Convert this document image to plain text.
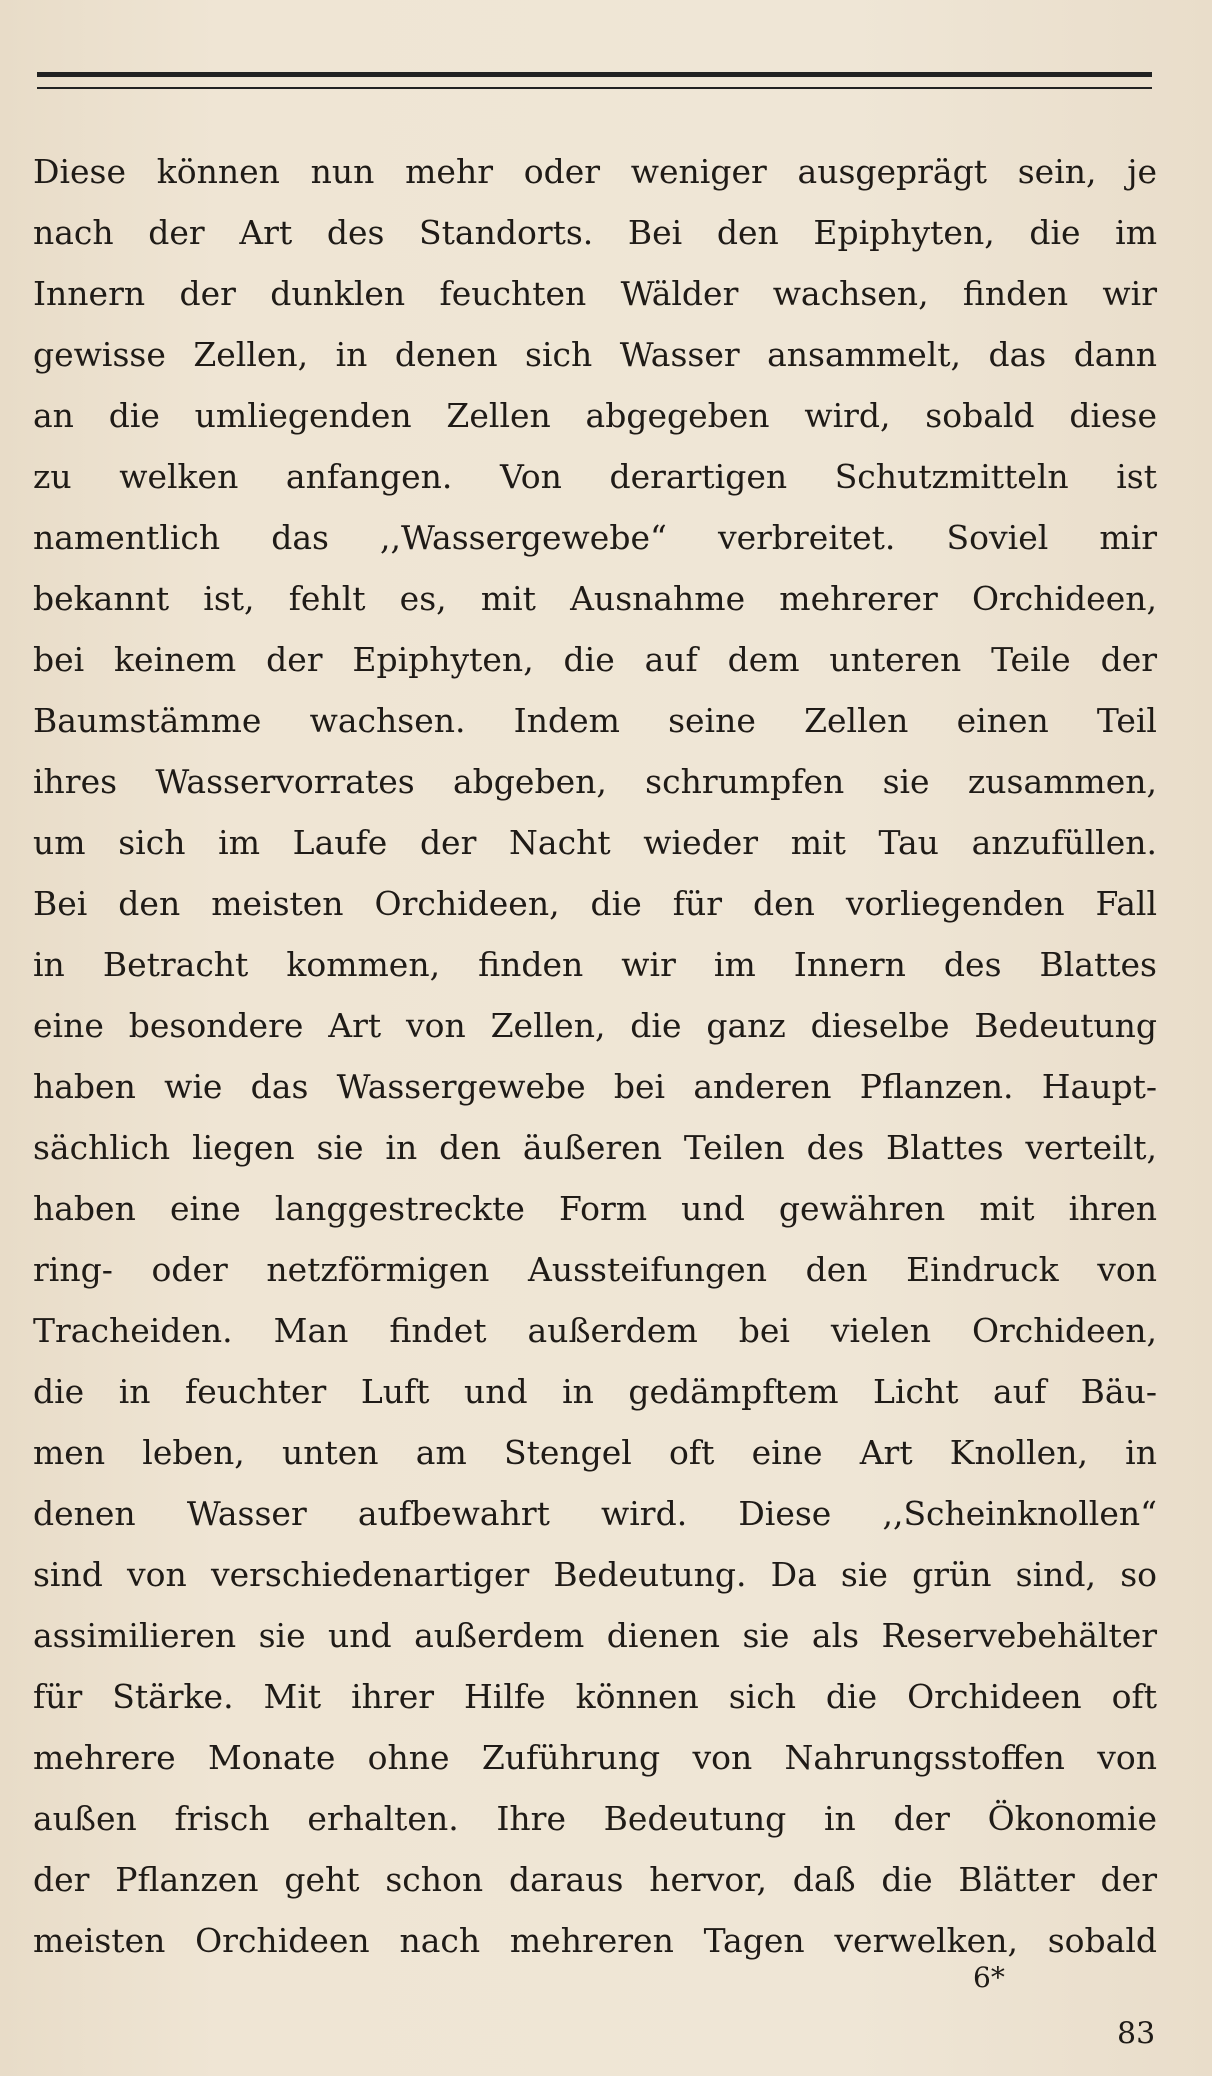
Diese können nun mehr oder weniger ausgeprägt sein, je
nach der Art des Standorts. Bei den Epiphyten, die im
Innern der dunklen feuchten Wälder wachsen, finden wir
gewisse Zellen, in denen sich Wasser ansammelt, das dann
an die umliegenden Zellen abgegeben wird, sobald diese
zu welken anfangen. Von derartigen Schutzmitteln ist
namentlich das ,,Wassergewebe“ verbreitet. Soviel mir
bekannt ist, fehlt es, mit Ausnahme mehrerer Orchideen,
bei keinem der Epiphyten, die auf dem unteren Teile der
Baumstämme wachsen. Indem seine Zellen einen Teil
ihres Wasservorrates abgeben, schrumpfen sie zusammen,
um sich im Laufe der Nacht wieder mit Tau anzufüllen.
Bei den meisten Orchideen, die für den vorliegenden Fall
in Betracht kommen, finden wir im Innern des Blattes
eine besondere Art von Zellen, die ganz dieselbe Bedeutung
haben wie das Wassergewebe bei anderen Pflanzen. Haupt-
sächlich liegen sie in den äußeren Teilen des Blattes verteilt,
haben eine langgestreckte Form und gewähren mit ihren
ring- oder netzförmigen Aussteifungen den Eindruck von
Tracheiden. Man findet außerdem bei vielen Orchideen,
die in feuchter Luft und in gedämpftem Licht auf Bäu-
men leben, unten am Stengel oft eine Art Knollen, in
denen Wasser aufbewahrt wird. Diese ,,Scheinknollen“
sind von verschiedenartiger Bedeutung. Da sie grün sind, so
assimilieren sie und außerdem dienen sie als Reservebehälter
für Stärke. Mit ihrer Hilfe können sich die Orchideen oft
mehrere Monate ohne Zuführung von Nahrungsstoffen von
außen frisch erhalten. Ihre Bedeutung in der Ökonomie
der Pflanzen geht schon daraus hervor, daß die Blätter der
meisten Orchideen nach mehreren Tagen verwelken, sobald
6*
83
